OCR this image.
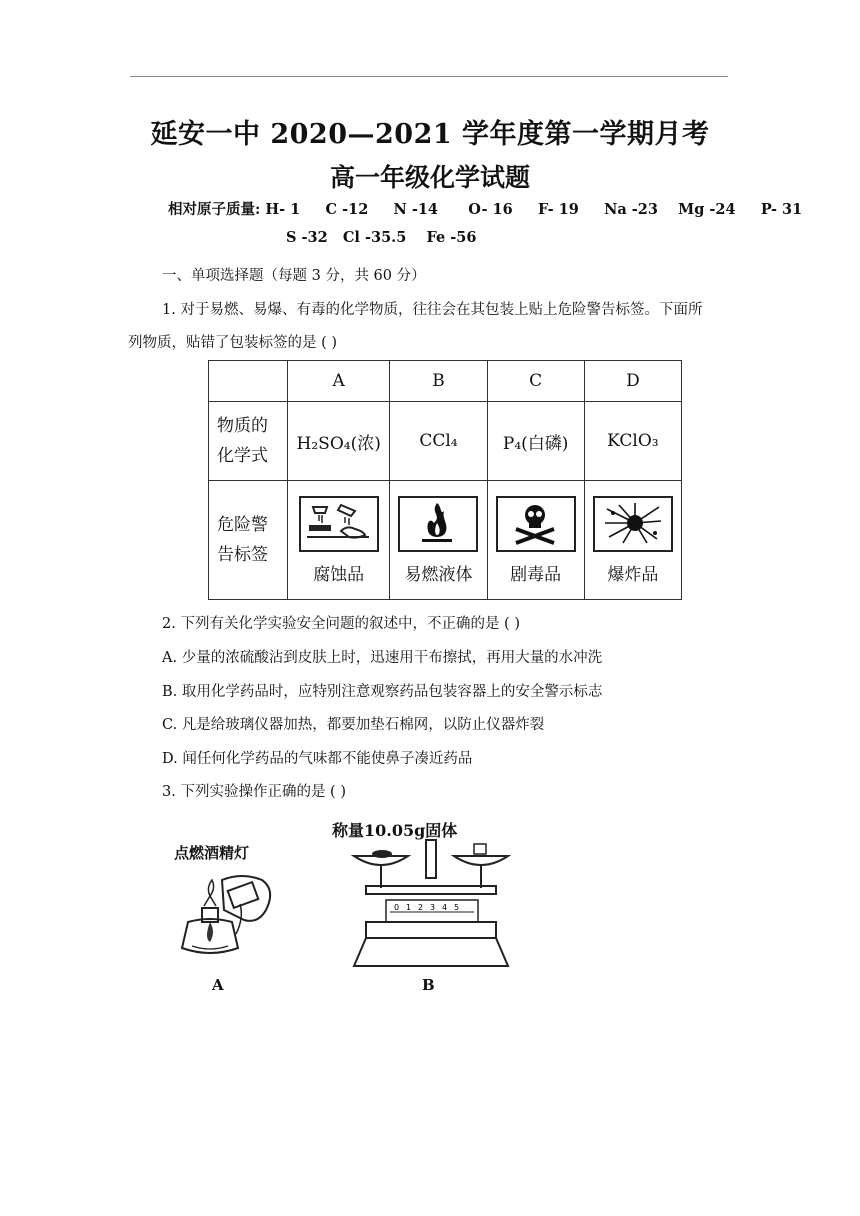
延安一中 2020—2021 学年度第一学期月考
高一年级化学试题
相对原子质量: H- 1     C -12     N -14      O- 16     F- 19     Na -23    Mg -24     P- 31
S -32   Cl -35.5    Fe -56
一、单项选择题（每题 3 分，共 60 分）
1. 对于易燃、易爆、有毒的化学物质，往往会在其包装上贴上危险警告标签。下面所
列物质，贴错了包装标签的是 ( )
	A	B	C	D

物质的
化学式	H₂SO₄(浓)	CCl₄	P₄(白磷)	KClO₃

危险警
告标签	腐蚀品	易燃液体	剧毒品	爆炸品
2. 下列有关化学实验安全问题的叙述中，不正确的是 ( )
A. 少量的浓硫酸沾到皮肤上时，迅速用干布擦拭，再用大量的水冲洗
B. 取用化学药品时，应特别注意观察药品包装容器上的安全警示标志
C. 凡是给玻璃仪器加热，都要加垫石棉网，以防止仪器炸裂
D. 闻任何化学药品的气味都不能使鼻子凑近药品
3. 下列实验操作正确的是 ( )
点燃酒精灯
A
称量10.05g固体
0 1 2 3 4 5
B
